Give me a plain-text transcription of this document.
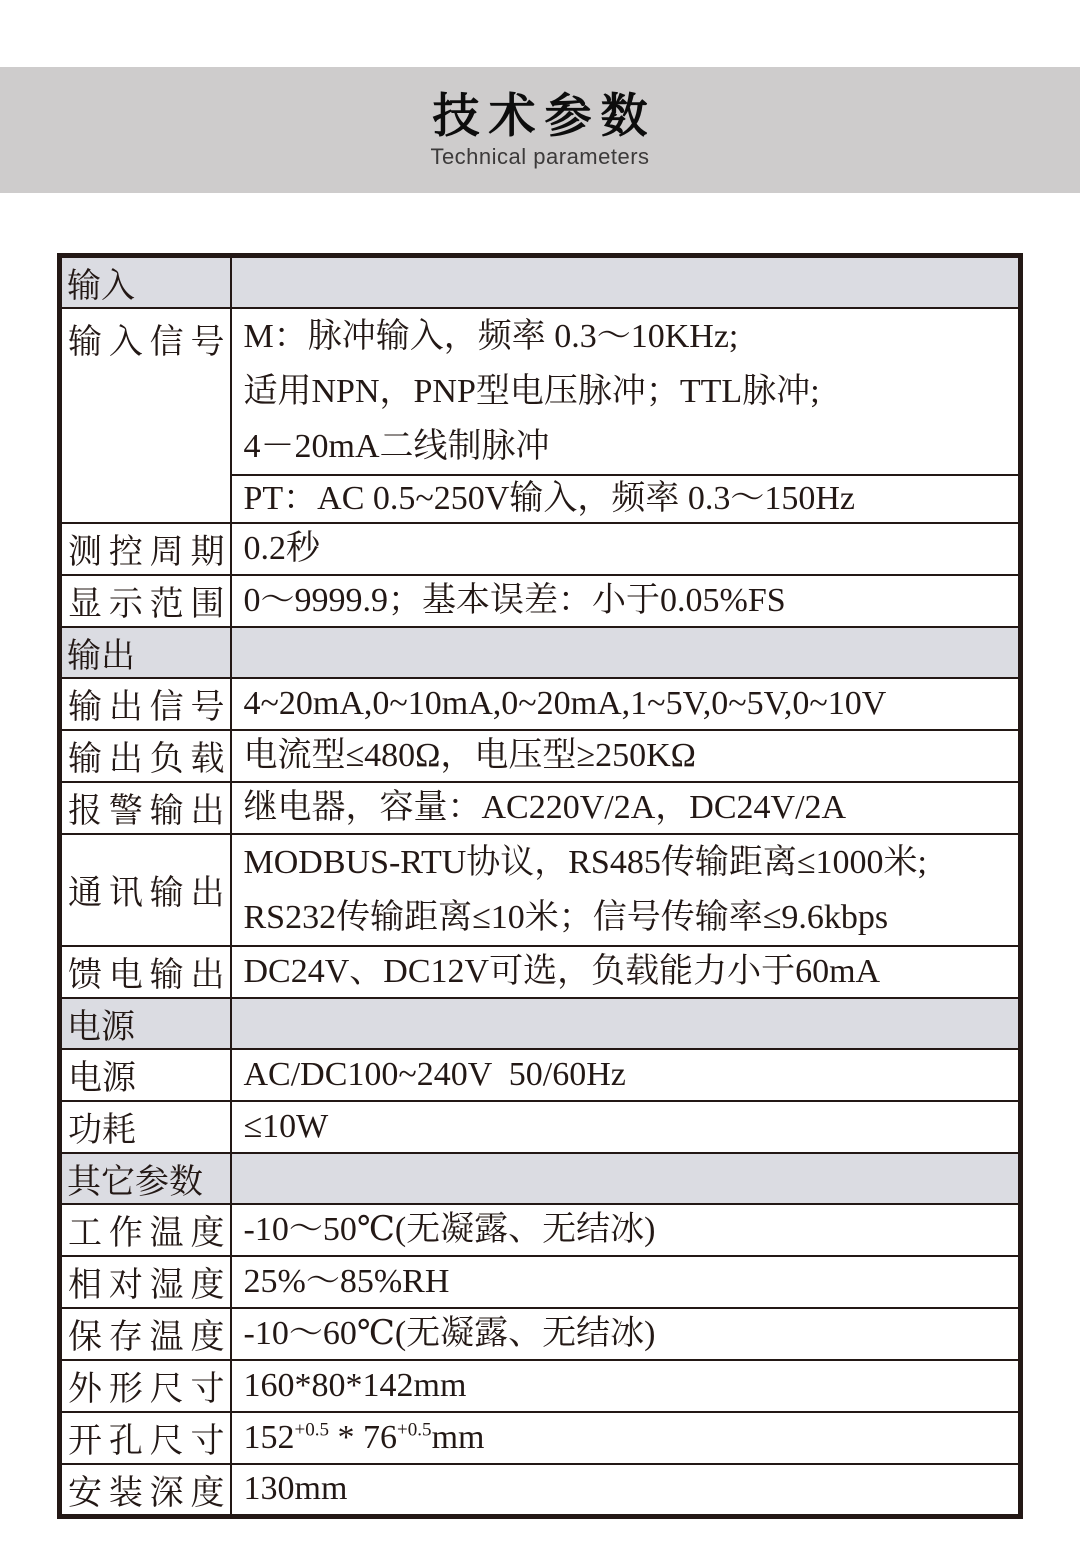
技术参数
Technical parameters
输入	

输入信号	M：脉冲输入，频率 0.3～10KHz;
适用NPN，PNP型电压脉冲；TTL脉冲;
4－20mA二线制脉冲

	PT：AC 0.5~250V输入，频率 0.3～150Hz

测控周期	0.2秒

显示范围	0～9999.9；基本误差：小于0.05%FS

输出	

输出信号	4~20mA,0~10mA,0~20mA,1~5V,0~5V,0~10V

输出负载	电流型≤480Ω，电压型≥250KΩ

报警输出	继电器，容量：AC220V/2A，DC24V/2A

通讯输出	MODBUS-RTU协议，RS485传输距离≤1000米;
RS232传输距离≤10米；信号传输率≤9.6kbps

馈电输出	DC24V、DC12V可选，负载能力小于60mA

电源	

电源	AC/DC100~240V  50/60Hz

功耗	≤10W

其它参数	

工作温度	-10～50℃(无凝露、无结冰)

相对湿度	25%～85%RH

保存温度	-10～60℃(无凝露、无结冰)

外形尺寸	160*80*142mm

开孔尺寸	$152^{+0.5} * 76^{+0.5}mm$

安装深度	130mm
